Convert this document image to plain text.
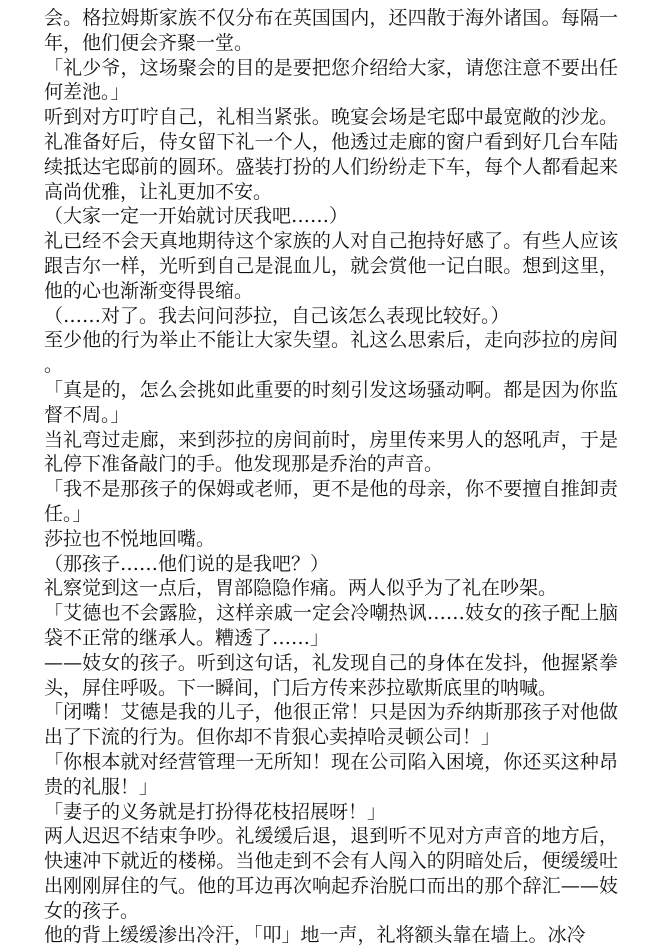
会。格拉姆斯家族不仅分布在英国国内，还四散于海外诸国。每隔一年，他们便会齐聚一堂。

「礼少爷，这场聚会的目的是要把您介绍给大家，请您注意不要出任何差池。」

听到对方叮咛自己，礼相当紧张。晚宴会场是宅邸中最宽敞的沙龙。礼准备好后，侍女留下礼一个人，他透过走廊的窗户看到好几台车陆续抵达宅邸前的圆环。盛装打扮的人们纷纷走下车，每个人都看起来高尚优雅，让礼更加不安。

（大家一定一开始就讨厌我吧……）

礼已经不会天真地期待这个家族的人对自己抱持好感了。有些人应该跟吉尔一样，光听到自己是混血儿，就会赏他一记白眼。想到这里，他的心也渐渐变得畏缩。

（……对了。我去问问莎拉，自己该怎么表现比较好。）

至少他的行为举止不能让大家失望。礼这么思索后，走向莎拉的房间。

「真是的，怎么会挑如此重要的时刻引发这场骚动啊。都是因为你监督不周。」

当礼弯过走廊，来到莎拉的房间前时，房里传来男人的怒吼声，于是礼停下准备敲门的手。他发现那是乔治的声音。

「我不是那孩子的保姆或老师，更不是他的母亲，你不要擅自推卸责任。」

莎拉也不悦地回嘴。

（那孩子……他们说的是我吧？）

礼察觉到这一点后，胃部隐隐作痛。两人似乎为了礼在吵架。

「艾德也不会露脸，这样亲戚一定会冷嘲热讽……妓女的孩子配上脑袋不正常的继承人。糟透了……」

——妓女的孩子。听到这句话，礼发现自己的身体在发抖，他握紧拳头，屏住呼吸。下一瞬间，门后方传来莎拉歇斯底里的呐喊。

「闭嘴！艾德是我的儿子，他很正常！只是因为乔纳斯那孩子对他做出了下流的行为。但你却不肯狠心卖掉哈灵顿公司！」

「你根本就对经营管理一无所知！现在公司陷入困境，你还买这种昂贵的礼服！」

「妻子的义务就是打扮得花枝招展呀！」

两人迟迟不结束争吵。礼缓缓后退，退到听不见对方声音的地方后，快速冲下就近的楼梯。当他走到不会有人闯入的阴暗处后，便缓缓吐出刚刚屏住的气。他的耳边再次响起乔治脱口而出的那个辞汇——妓女的孩子。

他的背上缓缓渗出冷汗，「叩」地一声，礼将额头靠在墙上。冰冷
